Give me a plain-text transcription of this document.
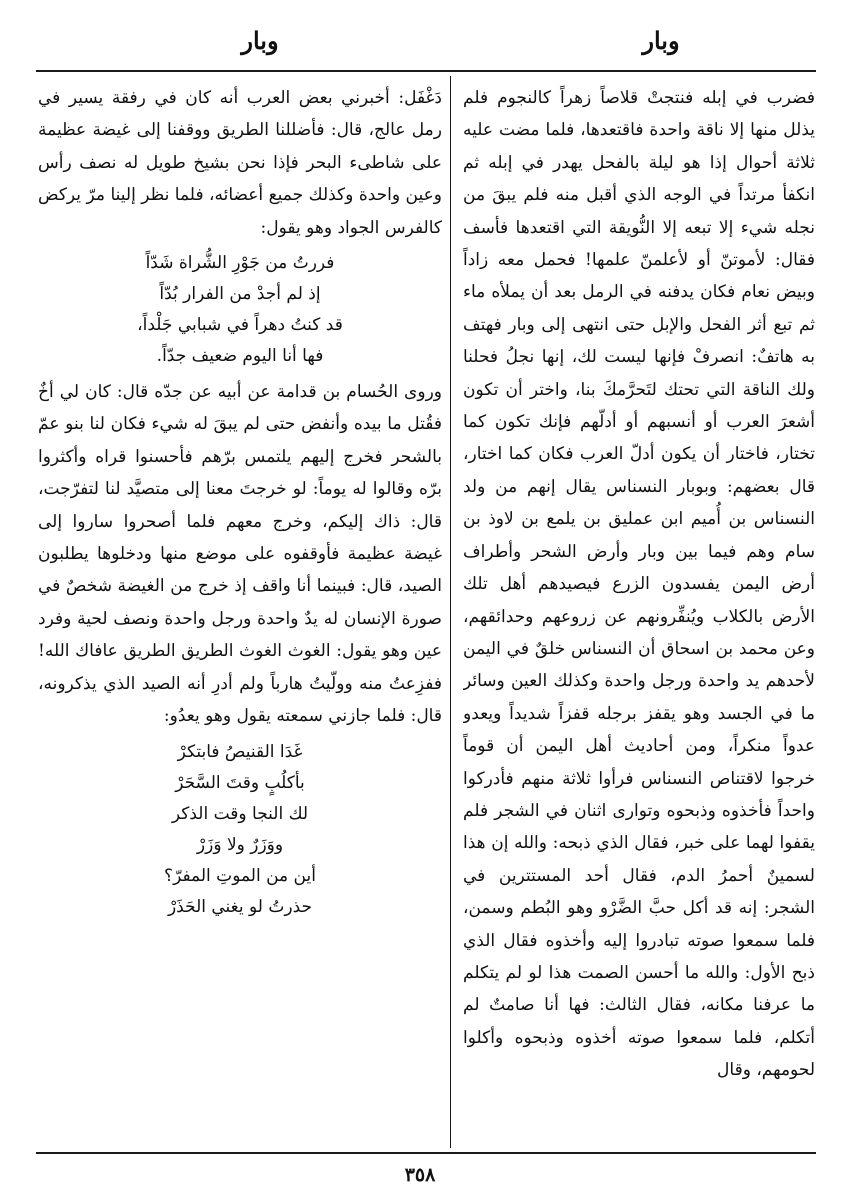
وبار
وبار

فضرب في إبله فنتجتْ قلاصاً زهراً كالنجوم فلم يذلل منها إلا ناقة واحدة فاقتعدها، فلما مضت عليه ثلاثة أحوال إذا هو ليلة بالفحل يهدر في إبله ثم انكفأ مرتداً في الوجه الذي أقبل منه فلم يبقَ من نجله شيء إلا تبعه إلا النُّويقة التي اقتعدها فأسف فقال: لأموتنّ أو لأعلمنّ علمها! فحمل معه زاداً وبيض نعام فكان يدفنه في الرمل بعد أن يملأه ماء ثم تبع أثر الفحل والإبل حتى انتهى إلى وبار فهتف به هاتفٌ: انصرفْ فإنها ليست لك، إنها نجلُ فحلنا ولك الناقة التي تحتك لتَحرَّمكَ بنا، واختر أن تكون أشعرَ العرب أو أنسبهم أو أدلّهم فإنك تكون كما تختار، فاختار أن يكون أدلّ العرب فكان كما اختار، قال بعضهم: وبوبار النسناس يقال إنهم من ولد النسناس بن أُميم ابن عمليق بن يلمع بن لاوذ بن سام وهم فيما بين وبار وأرض الشحر وأطراف أرض اليمن يفسدون الزرع فيصيدهم أهل تلك الأرض بالكلاب ويُنفِّرونهم عن زروعهم وحدائقهم، وعن محمد بن اسحاق أن النسناس خلقٌ في اليمن لأحدهم يد واحدة ورجل واحدة وكذلك العين وسائر ما في الجسد وهو يقفز برجله قفزاً شديداً ويعدو عدواً منكراً، ومن أحاديث أهل اليمن أن قوماً خرجوا لاقتناص النسناس فرأوا ثلاثة منهم فأدركوا واحداً فأخذوه وذبحوه وتوارى اثنان في الشجر فلم يقفوا لهما على خبر، فقال الذي ذبحه: والله إن هذا لسمينٌ أحمرُ الدم، فقال أحد المستترين في الشجر: إنه قد أكل حبَّ الضَّرْو وهو البُطم وسمن، فلما سمعوا صوته تبادروا إليه وأخذوه فقال الذي ذبح الأول: والله ما أحسن الصمت هذا لو لم يتكلم ما عرفنا مكانه، فقال الثالث: فها أنا صامتٌ لم أتكلم، فلما سمعوا صوته أخذوه وذبحوه وأكلوا لحومهم، وقال

دَغْفَل: أخبرني بعض العرب أنه كان في رفقة يسير في رمل عالج، قال: فأضللنا الطريق ووقفنا إلى غيضة عظيمة على شاطىء البحر فإذا نحن بشيخ طويل له نصف رأس وعين واحدة وكذلك جميع أعضائه، فلما نظر إلينا مرّ يركض كالفرس الجواد وهو يقول:

فررتُ من جَوْرِ الشُّراة شَدّاً
إذ لم أجدْ من الفرار بُدّاً
قد كنتُ دهراً في شبابي جَلْداً،
فها أنا اليوم ضعيف جدّاً.

وروى الحُسام بن قدامة عن أبيه عن جدّه قال: كان لي أخٌ فقُتل ما بيده وأنفض حتى لم يبقَ له شيء فكان لنا بنو عمّ بالشحر فخرج إليهم يلتمس برّهم فأحسنوا قراه وأكثروا برّه وقالوا له يوماً: لو خرجتَ معنا إلى متصيَّد لنا لتفرّجت، قال: ذاك إليكم، وخرج معهم فلما أصحروا ساروا إلى غيضة عظيمة فأوقفوه على موضع منها ودخلوها يطلبون الصيد، قال: فبينما أنا واقف إذ خرج من الغيضة شخصٌ في صورة الإنسان له يدٌ واحدة ورجل واحدة ونصف لحية وفرد عين وهو يقول: الغوث الغوث الطريق الطريق عافاك الله! ففزِعتُ منه وولّيتُ هارباً ولم أدرِ أنه الصيد الذي يذكرونه، قال: فلما جازني سمعته يقول وهو يعدُو:

غَدَا القنيصُ فابتكرْ
بأكلُبٍ وقتَ السَّحَرْ
لك النجا وقت الذكر
ووَزَرٌ ولا وَزَرْ
أين من الموتِ المفرّ؟
حذرتُ لو يغني الحَذَرْ
٣٥٨
